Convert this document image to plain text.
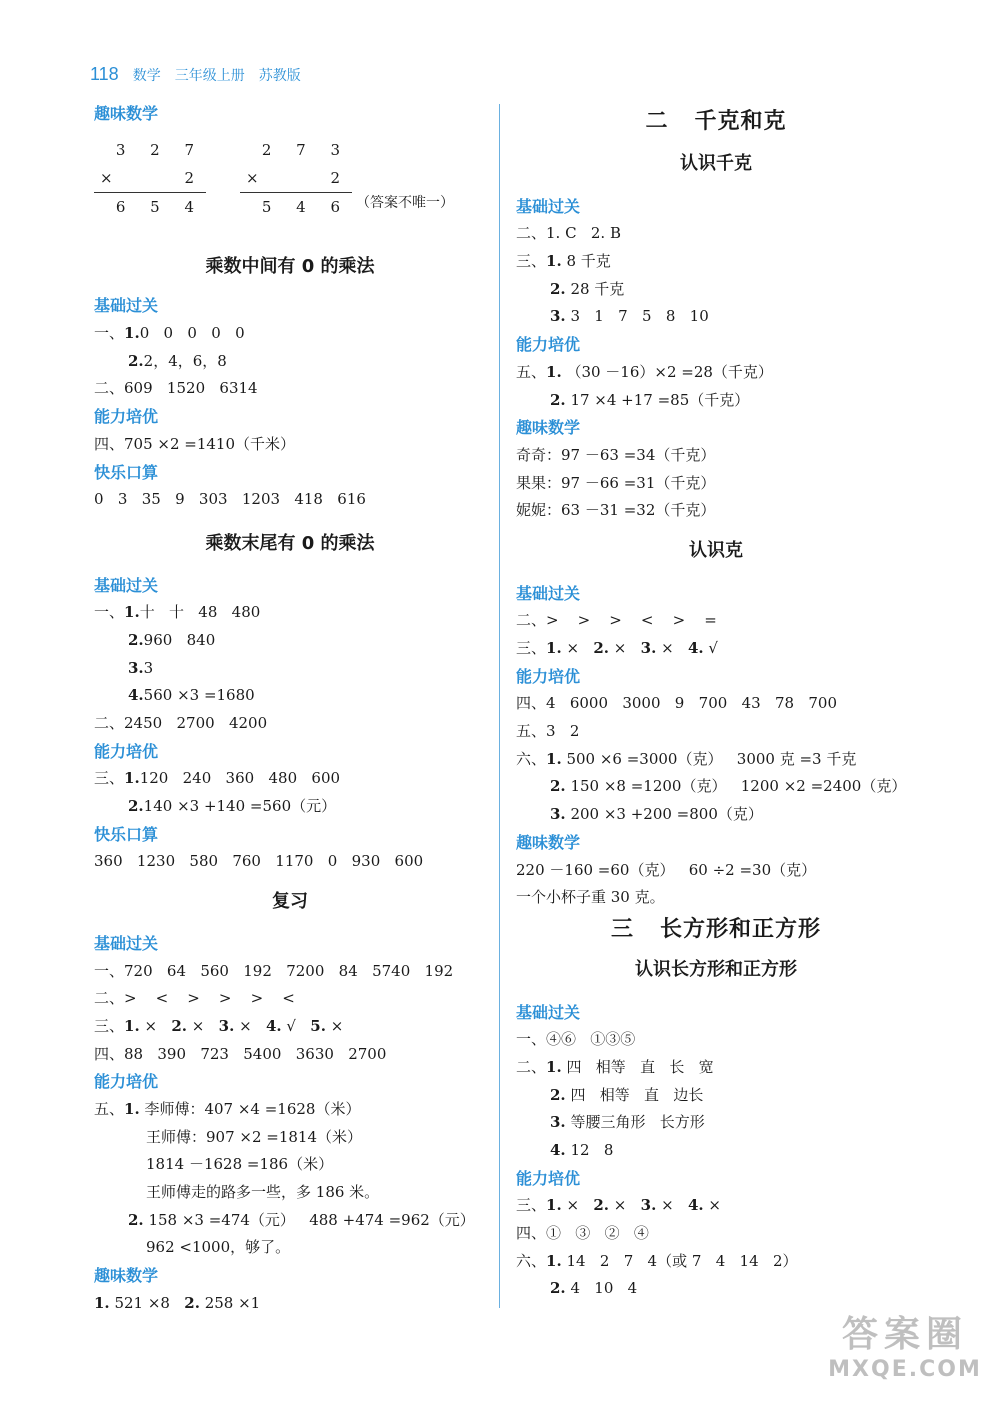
118 数学 三年级上册 苏教版
趣味数学
3 2 7
×	2
6 5 4
2 7 3
×	2
5 4 6 （答案不唯一）
乘数中间有 0 的乘法
基础过关
一、1.0   0   0   0   0
2.2，4，6，8
二、609   1520   6314
能力培优
四、705 ×2 =1410（千米）
快乐口算
0   3   35   9   303   1203   418   616
乘数末尾有 0 的乘法
基础过关
一、1.十   十   48   480
2.960   840
3.3
4.560 ×3 =1680
二、2450   2700   4200
能力培优
三、1.120   240   360   480   600
2.140 ×3 +140 =560（元）
快乐口算
360   1230   580   760   1170   0   930   600
复习
基础过关
一、720   64   560   192   7200   84   5740   192
二、>    <    >    >    >    <
三、1. ×   2. ×   3. ×   4. √   5. ×
四、88   390   723   5400   3630   2700
能力培优
五、1. 李师傅：407 ×4 =1628（米）
王师傅：907 ×2 =1814（米）
1814 －1628 =186（米）
王师傅走的路多一些，多 186 米。
2. 158 ×3 =474（元）   488 +474 =962（元）
962 <1000，够了。
趣味数学
1. 521 ×8   2. 258 ×1
二   千克和克
认识千克
基础过关
二、1. C   2. B
三、1. 8 千克
2. 28 千克
3. 3   1   7   5   8   10
能力培优
五、1. （30 －16）×2 =28（千克）
2. 17 ×4 +17 =85（千克）
趣味数学
奇奇：97 －63 =34（千克）
果果：97 －66 =31（千克）
妮妮：63 －31 =32（千克）
认识克
基础过关
二、>    >    >    <    >    =
三、1. ×   2. ×   3. ×   4. √
能力培优
四、4   6000   3000   9   700   43   78   700
五、3   2
六、1. 500 ×6 =3000（克）   3000 克 =3 千克
2. 150 ×8 =1200（克）   1200 ×2 =2400（克）
3. 200 ×3 +200 =800（克）
趣味数学
220 －160 =60（克）   60 ÷2 =30（克）
一个小杯子重 30 克。
三   长方形和正方形
认识长方形和正方形
基础过关
一、④⑥   ①③⑤
二、1. 四   相等   直   长   宽
2. 四   相等   直   边长
3. 等腰三角形   长方形
4. 12   8
能力培优
三、1. ×   2. ×   3. ×   4. ×
四、①   ③   ②   ④
六、1. 14   2   7   4（或 7   4   14   2）
2. 4   10   4
答案圈
MXQE.COM
